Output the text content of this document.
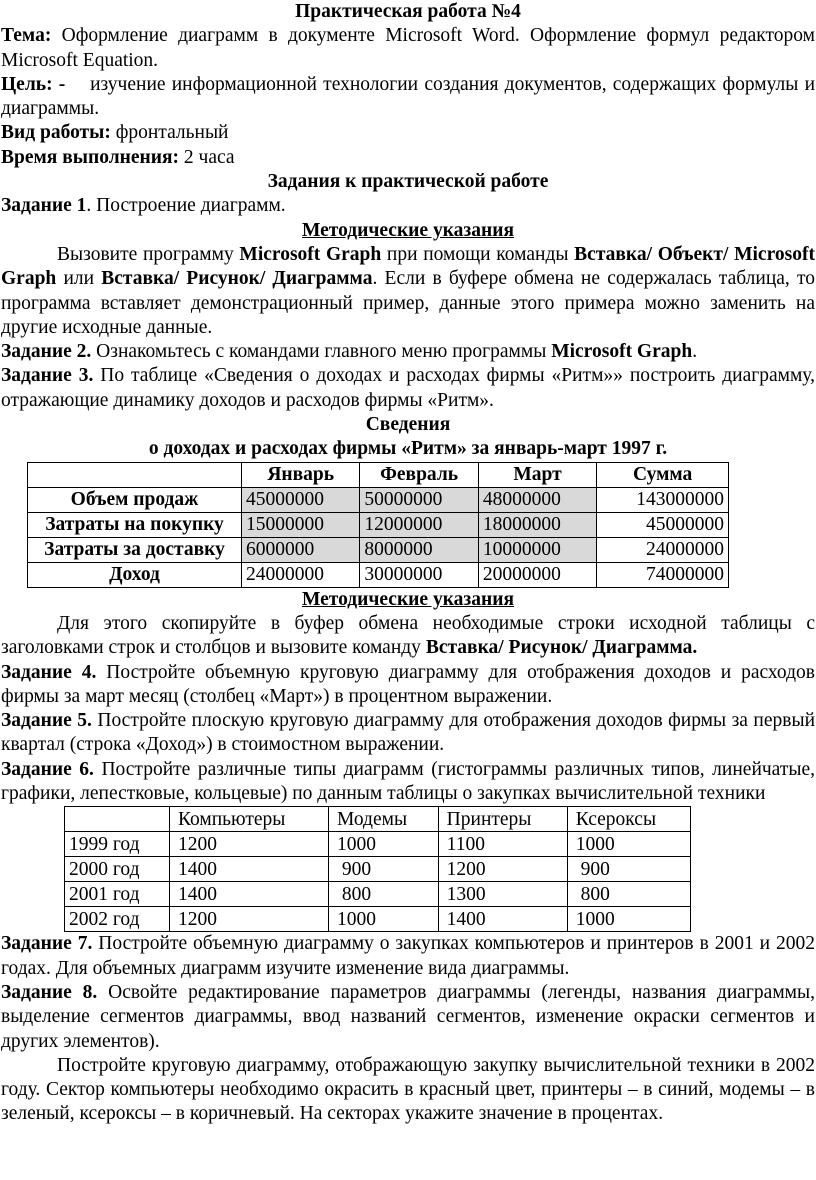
Практическая работа №4

Тема: Оформление диаграмм в документе Microsoft Word. Оформление формул редактором Microsoft Equation.

Цель: - изучение информационной технологии создания документов, содержащих формулы и диаграммы.

Вид работы: фронтальный

Время выполнения: 2 часа

Задания к практической работе

Задание 1. Построение диаграмм.

Методические указания

Вызовите программу Microsoft Graph при помощи команды Вставка/ Объект/ Microsoft Graph или Вставка/ Рисунок/ Диаграмма. Если в буфере обмена не содержалась таблица, то программа вставляет демонстрационный пример, данные этого примера можно заменить на другие исходные данные.

Задание 2. Ознакомьтесь с командами главного меню программы Microsoft Graph.

Задание 3. По таблице «Сведения о доходах и расходах фирмы «Ритм»» построить диаграмму, отражающие динамику доходов и расходов фирмы «Ритм».

Сведения

о доходах и расходах фирмы «Ритм» за январь-март 1997 г.

	Январь	Февраль	Март	Сумма
Объем продаж	45000000	50000000	48000000	143000000
Затраты на покупку	15000000	12000000	18000000	45000000
Затраты за доставку	6000000	8000000	10000000	24000000
Доход	24000000	30000000	20000000	74000000

Методические указания

Для этого скопируйте в буфер обмена необходимые строки исходной таблицы с заголовками строк и столбцов и вызовите команду Вставка/ Рисунок/ Диаграмма.

Задание 4. Постройте объемную круговую диаграмму для отображения доходов и расходов фирмы за март месяц (столбец «Март») в процентном выражении.

Задание 5. Постройте плоскую круговую диаграмму для отображения доходов фирмы за первый квартал (строка «Доход») в стоимостном выражении.

Задание 6. Постройте различные типы диаграмм (гистограммы различных типов, линейчатые, графики, лепестковые, кольцевые) по данным таблицы о закупках вычислительной техники

	Компьютеры	Модемы	Принтеры	Ксероксы
1999 год	1200	1000	1100	1000
2000 год	1400	900	1200	900
2001 год	1400	800	1300	800
2002 год	1200	1000	1400	1000

Задание 7. Постройте объемную диаграмму о закупках компьютеров и принтеров в 2001 и 2002 годах. Для объемных диаграмм изучите изменение вида диаграммы.

Задание 8. Освойте редактирование параметров диаграммы (легенды, названия диаграммы, выделение сегментов диаграммы, ввод названий сегментов, изменение окраски сегментов и других элементов).

Постройте круговую диаграмму, отображающую закупку вычислительной техники в 2002 году. Сектор компьютеры необходимо окрасить в красный цвет, принтеры – в синий, модемы – в зеленый, ксероксы – в коричневый. На секторах укажите значение в процентах.
